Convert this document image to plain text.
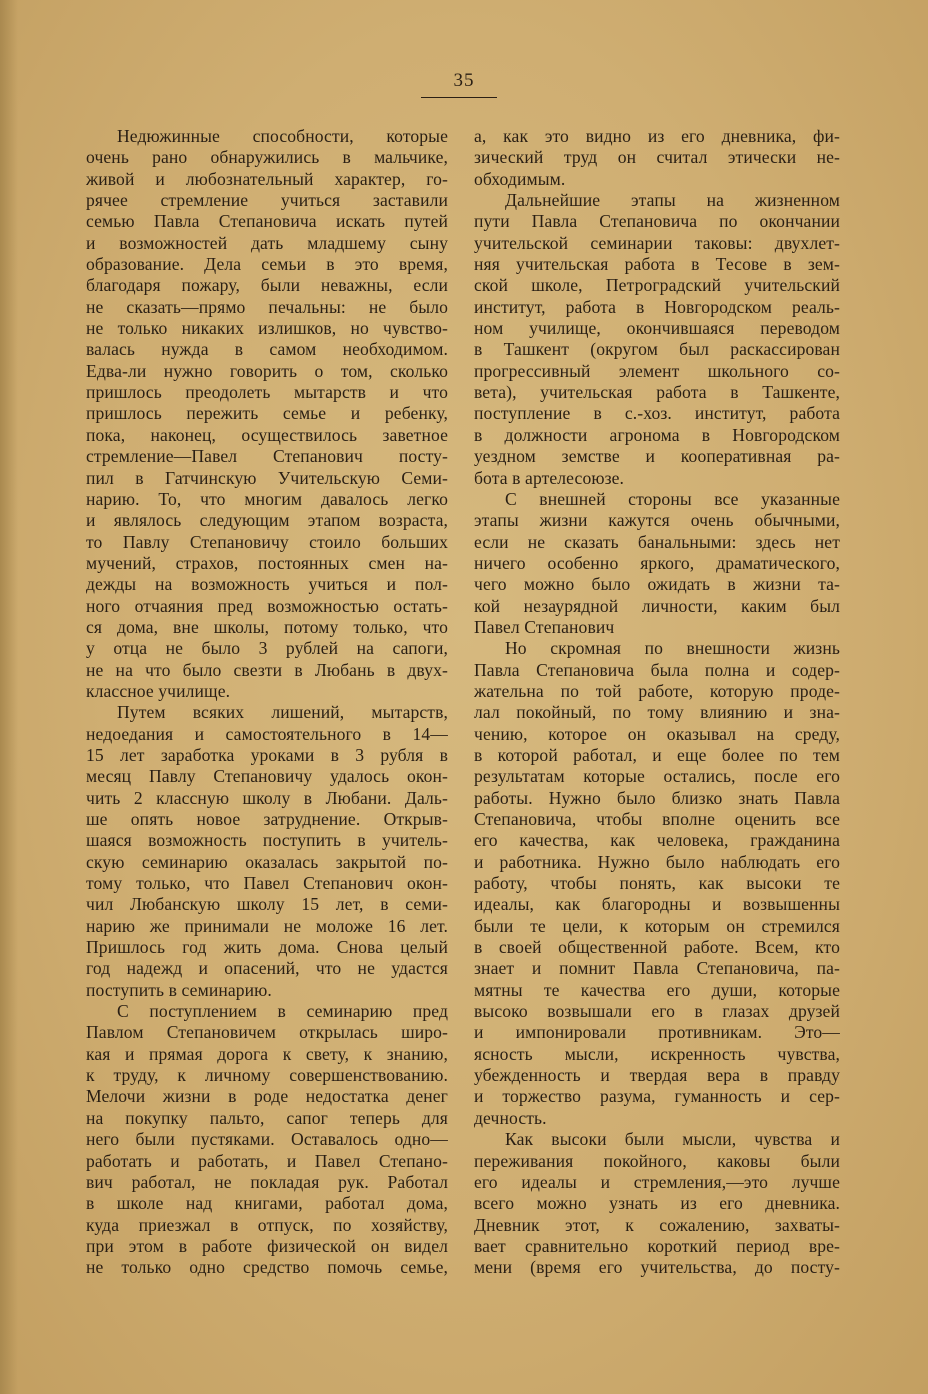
35
Недюжинные способности, которые
очень рано обнаружились в мальчике,
живой и любознательный характер, го-
рячее стремление учиться заставили
семью Павла Степановича искать путей
и возможностей дать младшему сыну
образование. Дела семьи в это время,
благодаря пожару, были неважны, если
не сказать—прямо печальны: не было
не только никаких излишков, но чувство-
валась нужда в самом необходимом.
Едва-ли нужно говорить о том, сколько
пришлось преодолеть мытарств и что
пришлось пережить семье и ребенку,
пока, наконец, осуществилось заветное
стремление—Павел Степанович посту-
пил в Гатчинскую Учительскую Семи-
нарию. То, что многим давалось легко
и являлось следующим этапом возраста,
то Павлу Степановичу стоило больших
мучений, страхов, постоянных смен на-
дежды на возможность учиться и пол-
ного отчаяния пред возможностью остать-
ся дома, вне школы, потому только, что
у отца не было 3 рублей на сапоги,
не на что было свезти в Любань в двух-
классное училище.
Путем всяких лишений, мытарств,
недоедания и самостоятельного в 14—
15 лет заработка уроками в 3 рубля в
месяц Павлу Степановичу удалось окон-
чить 2 классную школу в Любани. Даль-
ше опять новое затруднение. Открыв-
шаяся возможность поступить в учитель-
скую семинарию оказалась закрытой по-
тому только, что Павел Степанович окон-
чил Любанскую школу 15 лет, в семи-
нарию же принимали не моложе 16 лет.
Пришлось год жить дома. Снова целый
год надежд и опасений, что не удастся
поступить в семинарию.
С поступлением в семинарию пред
Павлом Степановичем открылась широ-
кая и прямая дорога к свету, к знанию,
к труду, к личному совершенствованию.
Мелочи жизни в роде недостатка денег
на покупку пальто, сапог теперь для
него были пустяками. Оставалось одно—
работать и работать, и Павел Степано-
вич работал, не покладая рук. Работал
в школе над книгами, работал дома,
куда приезжал в отпуск, по хозяйству,
при этом в работе физической он видел
не только одно средство помочь семье,
а, как это видно из его дневника, фи-
зический труд он считал этически не-
обходимым.
Дальнейшие этапы на жизненном
пути Павла Степановича по окончании
учительской семинарии таковы: двухлет-
няя учительская работа в Тесове в зем-
ской школе, Петроградский учительский
институт, работа в Новгородском реаль-
ном училище, окончившаяся переводом
в Ташкент (округом был раскассирован
прогрессивный элемент школьного со-
вета), учительская работа в Ташкенте,
поступление в с.-хоз. институт, работа
в должности агронома в Новгородском
уездном земстве и кооперативная ра-
бота в артелесоюзе.
С внешней стороны все указанные
этапы жизни кажутся очень обычными,
если не сказать банальными: здесь нет
ничего особенно яркого, драматического,
чего можно было ожидать в жизни та-
кой незаурядной личности, каким был
Павел Степанович
Но скромная по внешности жизнь
Павла Степановича была полна и содер-
жательна по той работе, которую проде-
лал покойный, по тому влиянию и зна-
чению, которое он оказывал на среду,
в которой работал, и еще более по тем
результатам которые остались, после его
работы. Нужно было близко знать Павла
Степановича, чтобы вполне оценить все
его качества, как человека, гражданина
и работника. Нужно было наблюдать его
работу, чтобы понять, как высоки те
идеалы, как благородны и возвышенны
были те цели, к которым он стремился
в своей общественной работе. Всем, кто
знает и помнит Павла Степановича, па-
мятны те качества его души, которые
высоко возвышали его в глазах друзей
и импонировали противникам. Это—
ясность мысли, искренность чувства,
убежденность и твердая вера в правду
и торжество разума, гуманность и сер-
дечность.
Как высоки были мысли, чувства и
переживания покойного, каковы были
его идеалы и стремления,—это лучше
всего можно узнать из его дневника.
Дневник этот, к сожалению, захваты-
вает сравнительно короткий период вре-
мени (время его учительства, до посту-
